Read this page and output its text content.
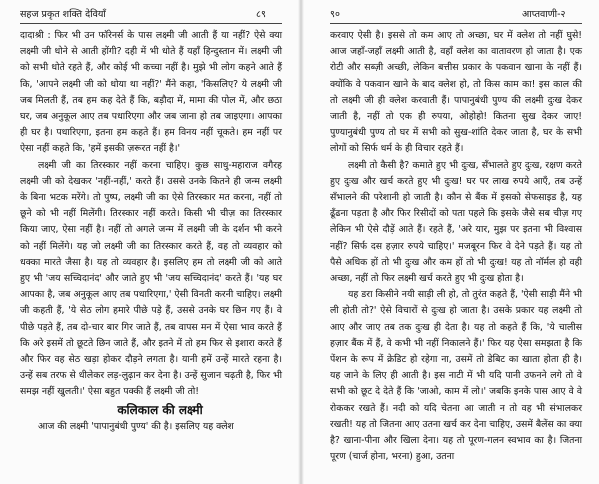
सहज प्रकृत शक्ति देवियाँ	८९

दादाश्री : फिर भी उन फॉरेनर्स के पास लक्ष्मी जी आती हैं या नहीं? ऐसे क्या लक्ष्मी जी धोने से आती होंगी? दही में भी धोते हैं यहाँ हिन्दुस्तान में। लक्ष्मी जी को सभी धोते रहते हैं, और कोई भी कच्चा नहीं है। मुझे भी लोग कहने आते हैं कि, 'आपने लक्ष्मी जी को धोया था नहीं?' मैंने कहा, 'किसलिए? ये लक्ष्मी जी जब मिलती हैं, तब हम कह देते हैं कि, बड़ौदा में, मामा की पोल में, और छठा घर, जब अनुकूल आए तब पधारिएगा और जब जाना हो तब जाइएगा। आपका ही घर है। पधारिएगा, इतना हम कहते हैं। हम विनय नहीं चूकते। हम नहीं पर ऐसा नहीं कहते कि, 'हमें इसकी ज़रूरत नहीं है।'

लक्ष्मी जी का तिरस्कार नहीं करना चाहिए। कुछ साधु-महाराज वगैरह लक्ष्मी जी को देखकर 'नहीं-नहीं,' करते हैं। उससे उनके कितने ही जन्म लक्ष्मी के बिना भटक मरेंगे। तो पुष्प, लक्ष्मी जी का ऐसे तिरस्कार मत करना, नहीं तो छूने को भी नहीं मिलेंगी। तिरस्कार नहीं करते। किसी भी चीज़ का तिरस्कार किया जाए, ऐसा नहीं है। नहीं तो अगले जन्म में लक्ष्मी जी के दर्शन भी करने को नहीं मिलेंगे। यह जो लक्ष्मी जी का तिरस्कार करते हैं, वह तो व्यवहार को धक्का मारते जैसा है। यह तो व्यवहार है। इसलिए हम तो लक्ष्मी जी को आते हुए भी 'जय सच्चिदानंद' और जाते हुए भी 'जय सच्चिदानंद' करते हैं। 'यह घर आपका है, जब अनुकूल आए तब पधारिएगा,' ऐसी विनती करनी चाहिए। लक्ष्मी जी कहती हैं, 'ये सेठ लोग हमारे पीछे पड़े हैं, उससे उनके घर छिन गए हैं। वे पीछे पड़ते हैं, तब दो-चार बार गिर जाते हैं, तब वापस मन में ऐसा भाव करते हैं कि अरे इसमें तो छूटते छिन जाते हैं, और इतने में तो हम फिर से इशारा करते हैं और फिर वह सेठ खड़ा होकर दौड़ने लगता है। यानी हमें उन्हें मारते रहना है। उन्हें सब तरफ से धीलेकर लड़-लुढ़ान कर देना है। उन्हें सुजान चढ़ती है, फिर भी समझ नहीं खुलती।' ऐसा बहुत पक्की हैं लक्ष्मी जी तो!

कलिकाल की लक्ष्मी

आज की लक्ष्मी 'पापानुबंधी पुण्य' की है। इसलिए यह क्लेश

९०	आप्तवाणी-२

करवाए ऐसी है। इससे तो कम आए तो अच्छा, घर में क्लेश तो नहीं घुसे! आज जहाँ-जहाँ लक्ष्मी आती है, वहाँ क्लेश का वातावरण हो जाता है। एक रोटी और सब्ज़ी अच्छी, लेकिन बत्तीस प्रकार के पकवान खाना के नहीं हैं। क्योंकि वे पकवान खाने के बाद क्लेश हो, तो किस काम का! इस काल की तो लक्ष्मी जी ही क्लेश करवाती हैं। पापानुबंधी पुण्य की लक्ष्मी दुःख देकर जाती है, नहीं तो एक ही रुपया, ओहोहो! कितना सुख देकर जाए! पुण्यानुबंधी पुण्य तो घर में सभी को सुख-शांति देकर जाता है, घर के सभी लोगों को सिर्फ धर्म के ही विचार रहते हैं।

लक्ष्मी तो कैसी है? कमाते हुए भी दुःख, सँभालते हुए दुःख, रक्षण करते हुए दुःख और खर्च करते हुए भी दुःख! घर पर लाख रुपये आएँ, तब उन्हें सँभालने की परेशानी हो जाती है। कौन से बैंक में इसको सेफसाइड है, यह ढूँढना पड़ता है और फिर रिसीदों को पता पहले कि इसके जैसे सब चीज़ गए लेकिन भी ऐसे दौड़ें आते हैं। रहते हैं, 'अरे यार, मुझ पर इतना भी विश्वास नहीं? सिर्फ दस हज़ार रुपये चाहिए।' मजबूरन फिर वे देने पड़ते हैं। यह तो पैसे अधिक हों तो भी दुःख और कम हों तो भी दुःख! यह तो नॉर्मल हो वही अच्छा, नहीं तो फिर लक्ष्मी खर्च करते हुए भी दुःख होता है।

यह डरा किसीने नयी साड़ी ली हो, तो तुरंत कहते हैं, 'ऐसी साड़ी मैंने भी ली होती तो?' ऐसे विचारों से दुःख हो जाता है। उसके प्रकार यह लक्ष्मी तो आए और जाए तब तक दुःख ही देता है। यह तो कहते हैं कि, 'ये चालीस हज़ार बैंक में हैं, वे कभी भी नहीं निकालने हैं।' फिर यह ऐसा समझता है कि पेंशन के रूप में क्रेडिट हो रहेगा ना, उसमें तो डेबिट का खाता होता ही है। यह जाने के लिए ही आती है। इस नाटी में भी यदि पानी उफनने लगे तो वे सभी को छूट दे देते हैं कि 'जाओ, काम में लो।' जबकि इनके पास आए वे वे रोककर रखते हैं। नदी को यदि चेतना आ जाती न तो वह भी संभालकर रखती! यह तो जितना आए उतना खर्च कर देना चाहिए, उसमें बैलेंस का क्या है? खाना-पीना और खिला देना। यह तो पूरण-गलन स्वभाव का है। जितना पूरण (चार्ज होना, भरना) हुआ, उतना
